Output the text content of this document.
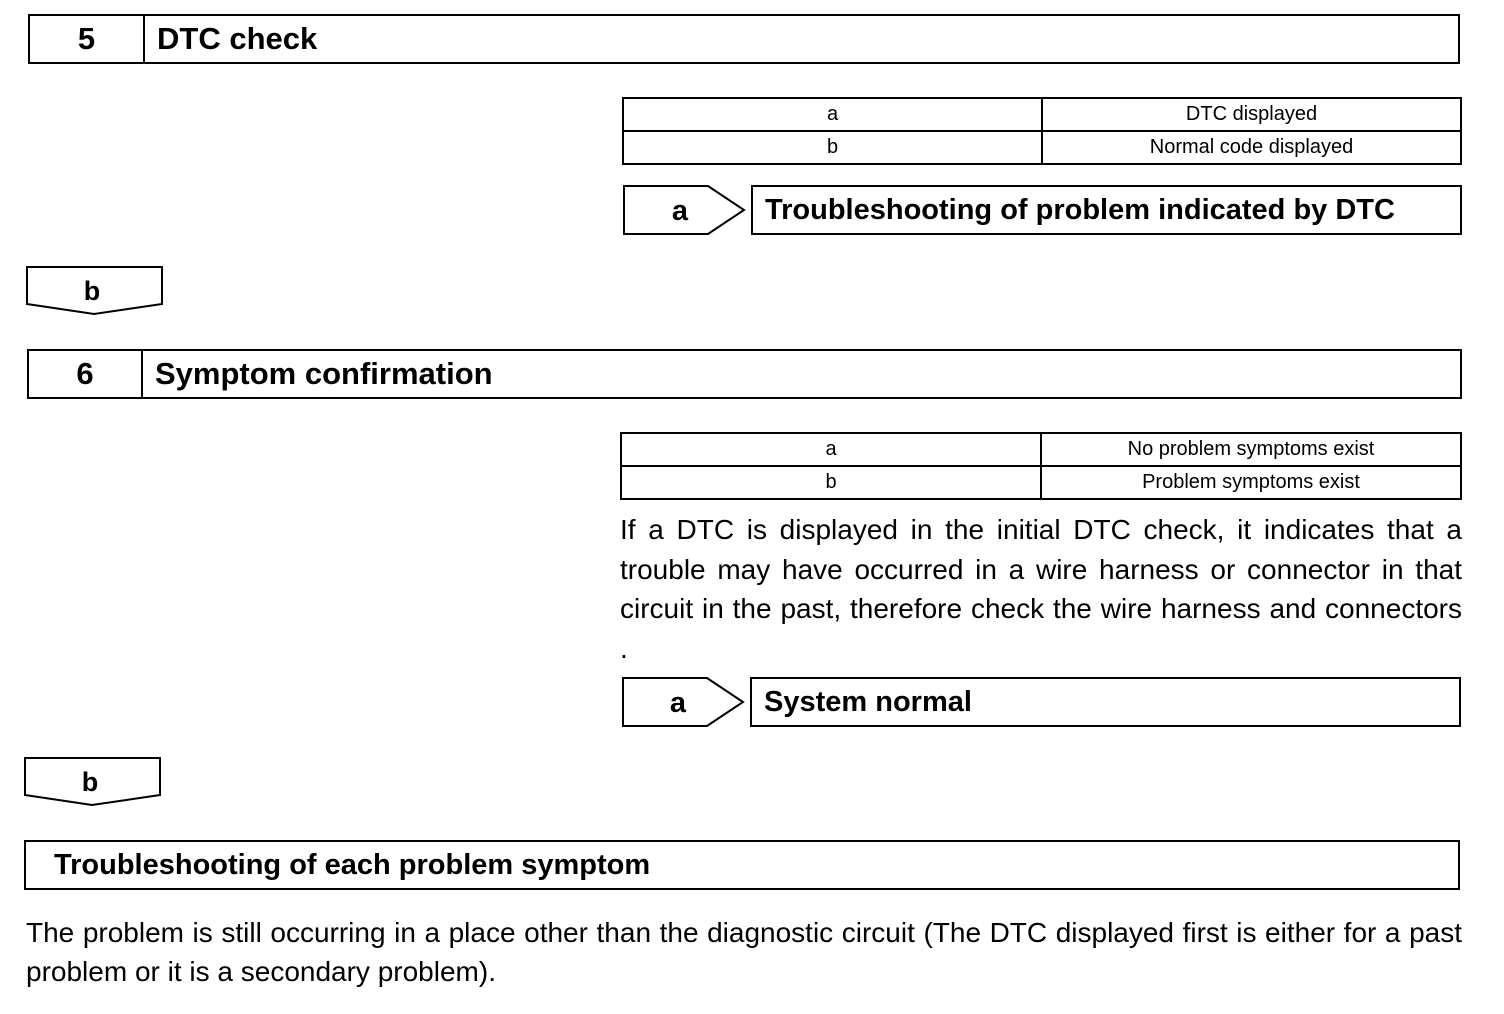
5	DTC check
a	DTC displayed
b	Normal code displayed
a	Troubleshooting of problem indicated by DTC
b
6	Symptom confirmation
a	No problem symptoms exist
b	Problem symptoms exist
If a DTC is displayed in the initial DTC check, it indicates that a trouble may have occurred in a wire harness or connector in that circuit in the past, therefore check the wire harness and connectors .
a	System normal
b
Troubleshooting of each problem symptom
The problem is still occurring in a place other than the diagnostic circuit (The DTC displayed first is either for a past problem or it is a secondary problem).
